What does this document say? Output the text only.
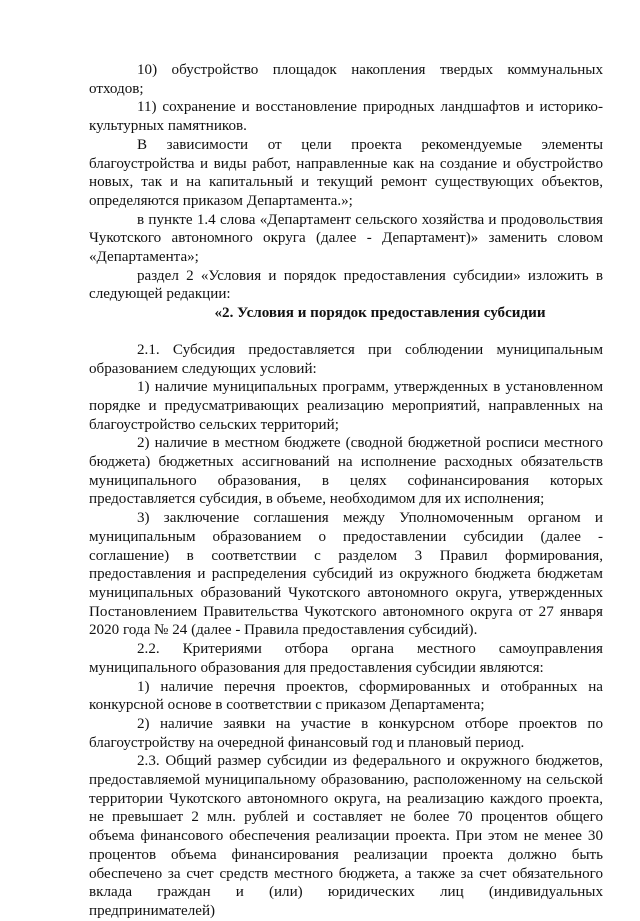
10) обустройство площадок накопления твердых коммунальных отходов;

11) сохранение и восстановление природных ландшафтов и историко-культурных памятников.

В зависимости от цели проекта рекомендуемые элементы благоустройства и виды работ, направленные как на создание и обустройство новых, так и на капитальный и текущий ремонт существующих объектов, определяются приказом Департамента.»;

в пункте 1.4 слова «Департамент сельского хозяйства и продовольствия Чукотского автономного округа (далее - Департамент)» заменить словом «Департамента»;

раздел 2 «Условия и порядок предоставления субсидии» изложить в следующей редакции:

«2. Условия и порядок предоставления субсидии

2.1. Субсидия предоставляется при соблюдении муниципальным образованием следующих условий:

1) наличие муниципальных программ, утвержденных в установленном порядке и предусматривающих реализацию мероприятий, направленных на благоустройство сельских территорий;

2) наличие в местном бюджете (сводной бюджетной росписи местного бюджета) бюджетных ассигнований на исполнение расходных обязательств муниципального образования, в целях софинансирования которых предоставляется субсидия, в объеме, необходимом для их исполнения;

3) заключение соглашения между Уполномоченным органом и муниципальным образованием о предоставлении субсидии (далее - соглашение) в соответствии с разделом 3 Правил формирования, предоставления и распределения субсидий из окружного бюджета бюджетам муниципальных образований Чукотского автономного округа, утвержденных Постановлением Правительства Чукотского автономного округа от 27 января 2020 года № 24 (далее - Правила предоставления субсидий).

2.2. Критериями отбора органа местного самоуправления муниципального образования для предоставления субсидии являются:

1) наличие перечня проектов, сформированных и отобранных на конкурсной основе в соответствии с приказом Департамента;

2) наличие заявки на участие в конкурсном отборе проектов по благоустройству на очередной финансовый год и плановый период.

2.3. Общий размер субсидии из федерального и окружного бюджетов, предоставляемой муниципальному образованию, расположенному на сельской территории Чукотского автономного округа, на реализацию каждого проекта, не превышает 2 млн. рублей и составляет не более 70 процентов общего объема финансового обеспечения реализации проекта. При этом не менее 30 процентов объема финансирования реализации проекта должно быть обеспечено за счет средств местного бюджета, а также за счет обязательного вклада граждан и (или) юридических лиц (индивидуальных предпринимателей)
